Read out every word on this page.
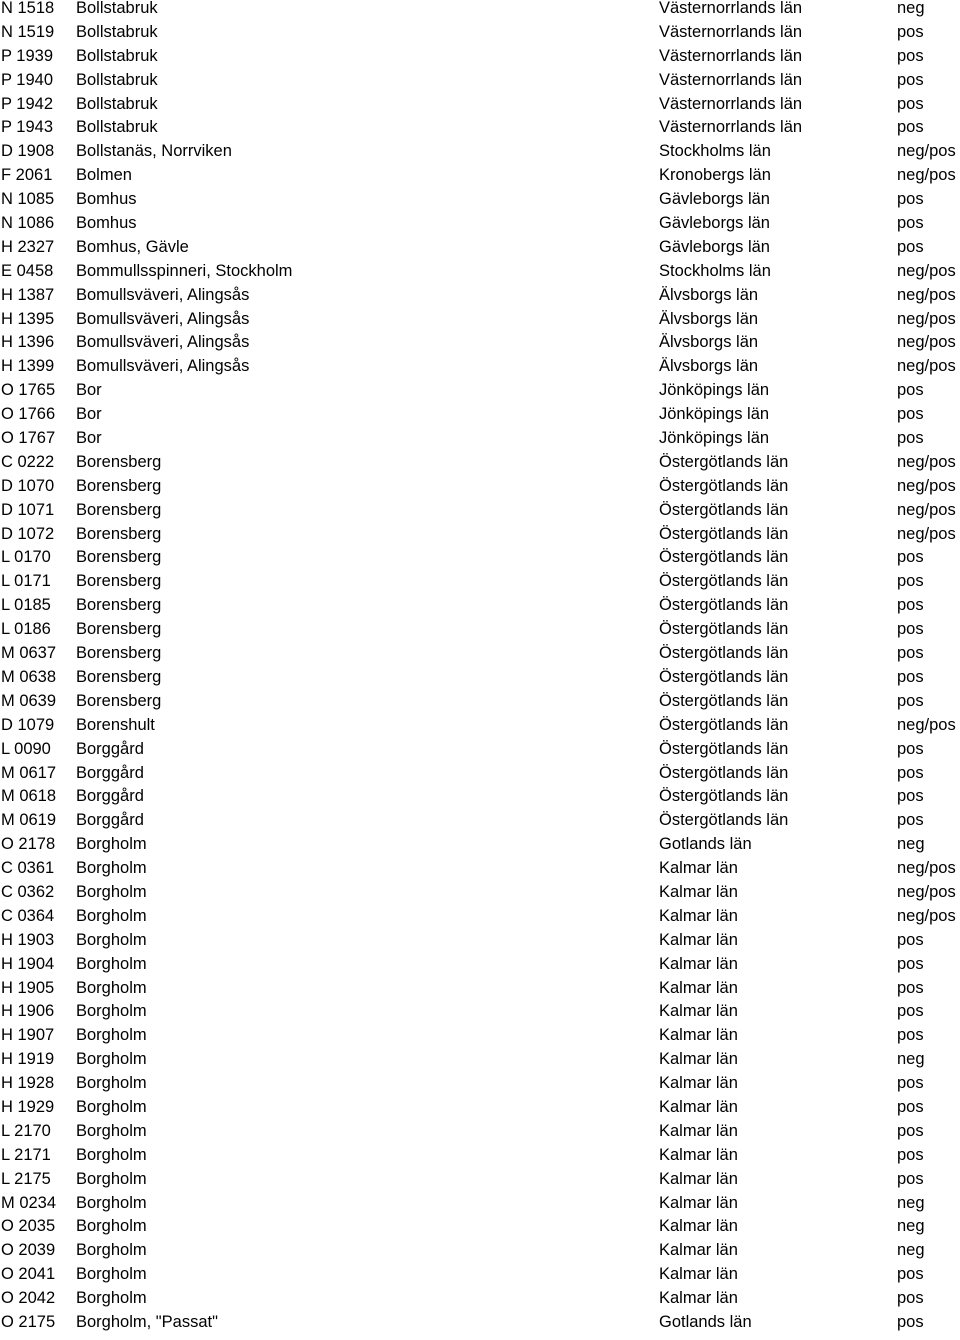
N 1518 Bollstabruk	Västernorrlands län	neg
N 1519 Bollstabruk	Västernorrlands län	pos
P 1939 Bollstabruk	Västernorrlands län	pos
P 1940 Bollstabruk	Västernorrlands län	pos
P 1942 Bollstabruk	Västernorrlands län	pos
P 1943 Bollstabruk	Västernorrlands län	pos
D 1908 Bollstanäs, Norrviken	Stockholms län	neg/pos
F 2061 Bolmen	Kronobergs län	neg/pos
N 1085 Bomhus	Gävleborgs län	pos
N 1086 Bomhus	Gävleborgs län	pos
H 2327 Bomhus, Gävle	Gävleborgs län	pos
E 0458 Bommullsspinneri, Stockholm	Stockholms län	neg/pos
H 1387 Bomullsväveri, Alingsås	Älvsborgs län	neg/pos
H 1395 Bomullsväveri, Alingsås	Älvsborgs län	neg/pos
H 1396 Bomullsväveri, Alingsås	Älvsborgs län	neg/pos
H 1399 Bomullsväveri, Alingsås	Älvsborgs län	neg/pos
O 1765 Bor	Jönköpings län	pos
O 1766 Bor	Jönköpings län	pos
O 1767 Bor	Jönköpings län	pos
C 0222 Borensberg	Östergötlands län	neg/pos
D 1070 Borensberg	Östergötlands län	neg/pos
D 1071 Borensberg	Östergötlands län	neg/pos
D 1072 Borensberg	Östergötlands län	neg/pos
L 0170 Borensberg	Östergötlands län	pos
L 0171 Borensberg	Östergötlands län	pos
L 0185 Borensberg	Östergötlands län	pos
L 0186 Borensberg	Östergötlands län	pos
M 0637 Borensberg	Östergötlands län	pos
M 0638 Borensberg	Östergötlands län	pos
M 0639 Borensberg	Östergötlands län	pos
D 1079 Borenshult	Östergötlands län	neg/pos
L 0090 Borggård	Östergötlands län	pos
M 0617 Borggård	Östergötlands län	pos
M 0618 Borggård	Östergötlands län	pos
M 0619 Borggård	Östergötlands län	pos
O 2178 Borgholm	Gotlands län	neg
C 0361 Borgholm	Kalmar län	neg/pos
C 0362 Borgholm	Kalmar län	neg/pos
C 0364 Borgholm	Kalmar län	neg/pos
H 1903 Borgholm	Kalmar län	pos
H 1904 Borgholm	Kalmar län	pos
H 1905 Borgholm	Kalmar län	pos
H 1906 Borgholm	Kalmar län	pos
H 1907 Borgholm	Kalmar län	pos
H 1919 Borgholm	Kalmar län	neg
H 1928 Borgholm	Kalmar län	pos
H 1929 Borgholm	Kalmar län	pos
L 2170 Borgholm	Kalmar län	pos
L 2171 Borgholm	Kalmar län	pos
L 2175 Borgholm	Kalmar län	pos
M 0234 Borgholm	Kalmar län	neg
O 2035 Borgholm	Kalmar län	neg
O 2039 Borgholm	Kalmar län	neg
O 2041 Borgholm	Kalmar län	pos
O 2042 Borgholm	Kalmar län	pos
O 2175 Borgholm, "Passat"	Gotlands län	pos
